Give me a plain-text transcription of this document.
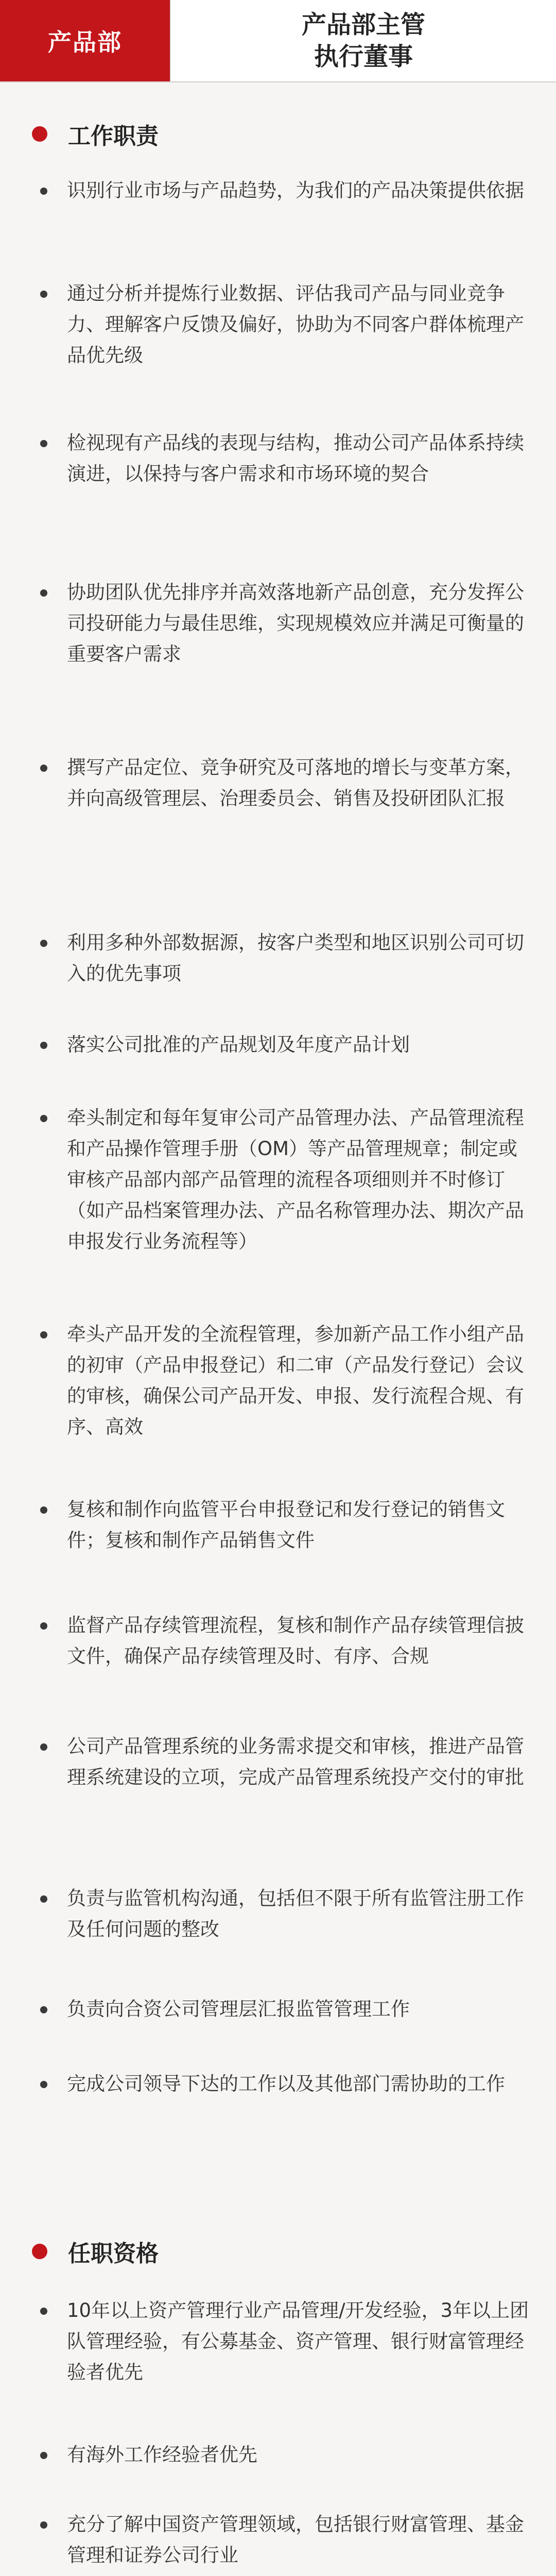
产品部
产品部主管
执行董事
工作职责
识别行业市场与产品趋势，为我们的产品决策提供依据
通过分析并提炼行业数据、评估我司产品与同业竞争力、理解客户反馈及偏好，协助为不同客户群体梳理产品优先级
检视现有产品线的表现与结构，推动公司产品体系持续演进，以保持与客户需求和市场环境的契合
协助团队优先排序并高效落地新产品创意，充分发挥公司投研能力与最佳思维，实现规模效应并满足可衡量的重要客户需求
撰写产品定位、竞争研究及可落地的增长与变革方案，并向高级管理层、治理委员会、销售及投研团队汇报
利用多种外部数据源，按客户类型和地区识别公司可切入的优先事项
落实公司批准的产品规划及年度产品计划
牵头制定和每年复审公司产品管理办法、产品管理流程和产品操作管理手册（OM）等产品管理规章；制定或审核产品部内部产品管理的流程各项细则并不时修订（如产品档案管理办法、产品名称管理办法、期次产品申报发行业务流程等）
牵头产品开发的全流程管理，参加新产品工作小组产品的初审（产品申报登记）和二审（产品发行登记）会议的审核，确保公司产品开发、申报、发行流程合规、有序、高效
复核和制作向监管平台申报登记和发行登记的销售文件；复核和制作产品销售文件
监督产品存续管理流程，复核和制作产品存续管理信披文件，确保产品存续管理及时、有序、合规
公司产品管理系统的业务需求提交和审核，推进产品管理系统建设的立项，完成产品管理系统投产交付的审批
负责与监管机构沟通，包括但不限于所有监管注册工作及任何问题的整改
负责向合资公司管理层汇报监管管理工作
完成公司领导下达的工作以及其他部门需协助的工作
任职资格
10年以上资产管理行业产品管理/开发经验，3年以上团队管理经验，有公募基金、资产管理、银行财富管理经验者优先
有海外工作经验者优先
充分了解中国资产管理领域，包括银行财富管理、基金管理和证券公司行业
